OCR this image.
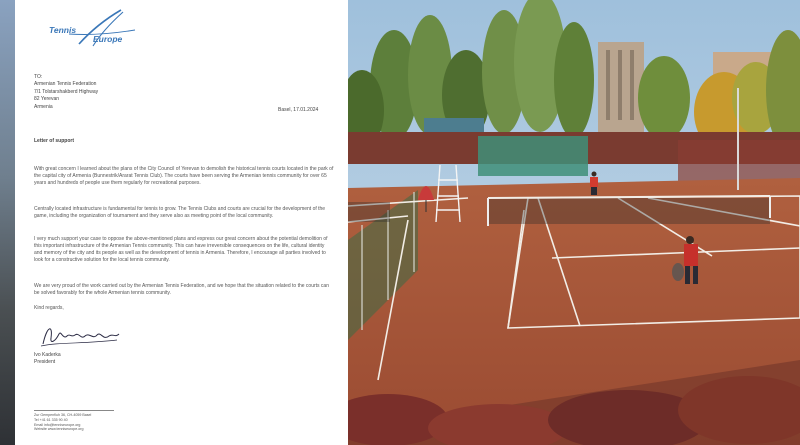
Tennis
Europe
TO:
Armenian Tennis Federation
7/1 Tolstarshakberd Highway
82 Yerevan
Armenia
Basel, 17.01.2024
Letter of support
With great concern I learned about the plans of the City Council of Yerevan to demolish the historical tennis courts located in the park of the capital city of Armenia (Bunnestrik/Ararat Tennis Club). The courts have been serving the Armenian tennis community for over 65 years and hundreds of people use them regularly for recreational purposes.
Centrally located infrastructure is fundamental for tennis to grow. The Tennis Clubs and courts are crucial for the development of the game, including the organization of tournament and they serve also as meeting point of the local community.
I very much support your case to oppose the above-mentioned plans and express our great concern about the potential demolition of this important infrastructure of the Armenian Tennis community. This can have irreversible consequences on the life, cultural identity and memory of the city and its people as well as the development of tennis in Armenia. Therefore, I encourage all parties involved to look for a constructive solution for the local tennis community.
We are very proud of the work carried out by the Armenian Tennis Federation, and we hope that the situation related to the courts can be solved favorably for the whole Armenian tennis community.
Kind regards,
Ivo Kaderka
President
Zur Gempenfluh 36, CH-4059 Basel
Tel +41 61 335 90 40
Email info@tenniseurope.org
Website www.tenniseurope.org
